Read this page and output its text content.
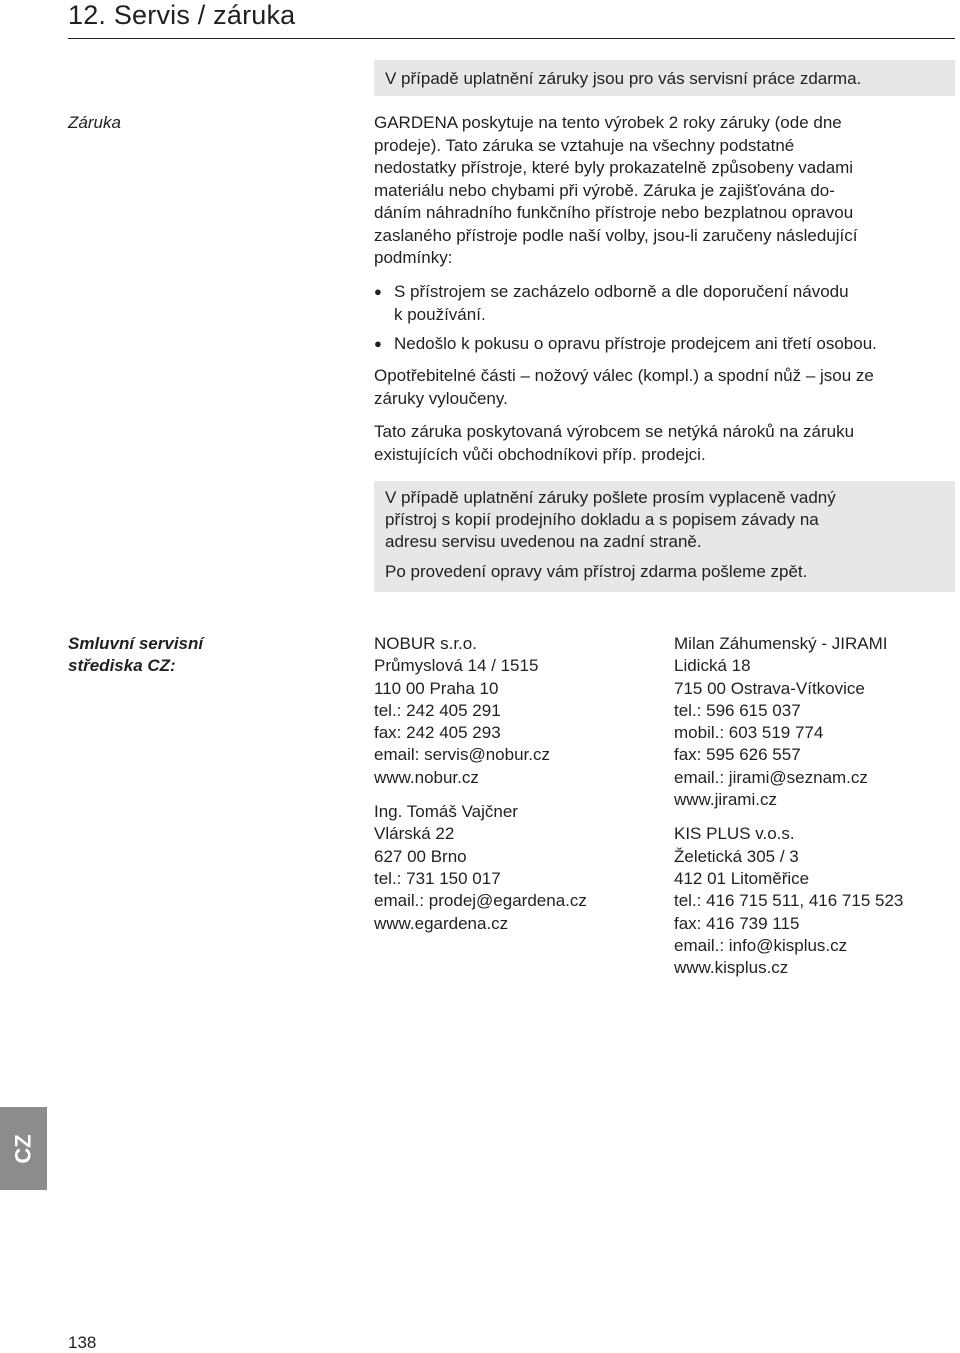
12. Servis / záruka
V případě uplatnění záruky jsou pro vás servisní práce zdarma.
Záruka	GARDENA poskytuje na tento výrobek 2 roky záruky (ode dne
prodeje). Tato záruka se vztahuje na všechny podstatné
nedostatky přístroje, které byly prokazatelně způsobeny vadami
materiálu nebo chybami při výrobě. Záruka je zajišťována do-
dáním náhradního funkčního přístroje nebo bezplatnou opravou
zaslaného přístroje podle naší volby, jsou-li zaručeny následující
podmínky:
● S přístrojem se zacházelo odborně a dle doporučení návodu
k používání.
● Nedošlo k pokusu o opravu přístroje prodejcem ani třetí osobou.
Opotřebitelné části – nožový válec (kompl.) a spodní nůž – jsou ze
záruky vyloučeny.
Tato záruka poskytovaná výrobcem se netýká nároků na záruku
existujících vůči obchodníkovi příp. prodejci.
V případě uplatnění záruky pošlete prosím vyplaceně vadný
přístroj s kopií prodejního dokladu a s popisem závady na
adresu servisu uvedenou na zadní straně.
Po provedení opravy vám přístroj zdarma pošleme zpět.
Smluvní servisní
střediska CZ:
NOBUR s.r.o.
Průmyslová 14 / 1515
110 00 Praha 10
tel.: 242 405 291
fax: 242 405 293
email: servis@nobur.cz
www.nobur.cz
Ing. Tomáš Vajčner
Vlárská 22
627 00 Brno
tel.: 731 150 017
email.: prodej@egardena.cz
www.egardena.cz
Milan Záhumenský - JIRAMI
Lidická 18
715 00 Ostrava-Vítkovice
tel.: 596 615 037
mobil.: 603 519 774
fax: 595 626 557
email.: jirami@seznam.cz
www.jirami.cz
KIS PLUS v.o.s.
Želetická 305 / 3
412 01 Litoměřice
tel.: 416 715 511, 416 715 523
fax: 416 739 115
email.: info@kisplus.cz
www.kisplus.cz
CZ
138
